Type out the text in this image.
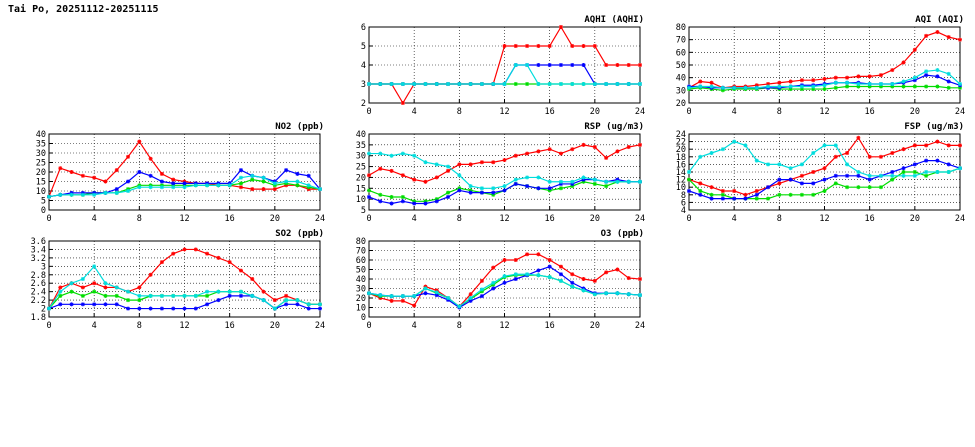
Tai Po, 20251112-20251115
AQHI (AQHI)
2
3
4
5
6
0	4	8	12	16	20	24
AQI (AQI)
20
30
40
50
60
70
80
0	4	8	12	16	20	24
NO2 (ppb)
0
5
10
15
20
25
30
35
40
0	4	8	12	16	20	24
RSP (ug/m3)
5
10
15
20
25
30
35
40
0	4	8	12	16	20	24
FSP (ug/m3)
4
6
8
10
12
14
16
18
20
22
24
0	4	8	12	16	20	24
SO2 (ppb)
1.8
2
2.2
2.4
2.6
2.8
3
3.2
3.4
3.6
0	4	8	12	16	20	24
O3 (ppb)
0
10
20
30
40
50
60
70
80
0	4	8	12	16	20	24
